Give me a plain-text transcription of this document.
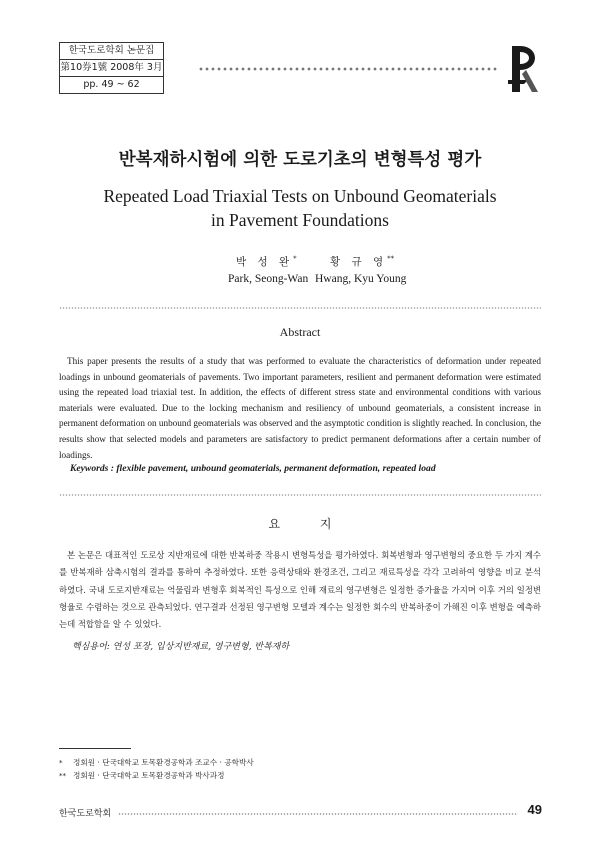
한국도로학회 논문집
第10券1號 2008年 3月
pp. 49 ~ 62
반복재하시험에 의한 도로기초의 변형특성 평가
Repeated Load Triaxial Tests on Unbound Geomaterials
in Pavement Foundations
박 성 완*	황 규 영**
Park, Seong-Wan Hwang, Kyu Young
Abstract
This paper presents the results of a study that was performed to evaluate the characteristics of deformation under repeated loadings in unbound geomaterials of pavements. Two important parameters, resilient and permanent deformation were estimated using the repeated load triaxial test. In addition, the effects of different stress state and environmental conditions with various materials were evaluated. Due to the locking mechanism and resiliency of unbound geomaterials, a consistent increase in permanent deformation on unbound geomaterials was observed and the asymptotic condition is slightly reached. In conclusion, the results show that selected models and parameters are satisfactory to predict permanent deformations after a certain number of loadings.
Keywords : flexible pavement, unbound geomaterials, permanent deformation, repeated load
요 지
본 논문은 대표적인 도로상 지반재료에 대한 반복하중 작용시 변형특성을 평가하였다. 회복변형과 영구변형의 중요한 두 가지 계수를 반복재하 삼축시험의 결과를 통하여 추정하였다. 또한 응력상태와 환경조건, 그리고 재료특성을 각각 고려하여 영향을 비교 분석하였다. 국내 도로지반재료는 억물림과 변형후 회복적인 특성으로 인해 재료의 영구변형은 일정한 증가율을 가지며 이후 거의 일정변형율로 수렴하는 것으로 관측되었다. 연구결과 선정된 영구변형 모델과 계수는 일정한 회수의 반복하중이 가해진 이후 변형을 예측하는데 적합함을 알 수 있었다.
핵심용어: 연성 포장, 입상지반재료, 영구변형, 반복재하
* 정회원 · 단국대학교 토목환경공학과 조교수 · 공학박사
** 정회원 · 단국대학교 토목환경공학과 박사과정
한국도로학회	49
